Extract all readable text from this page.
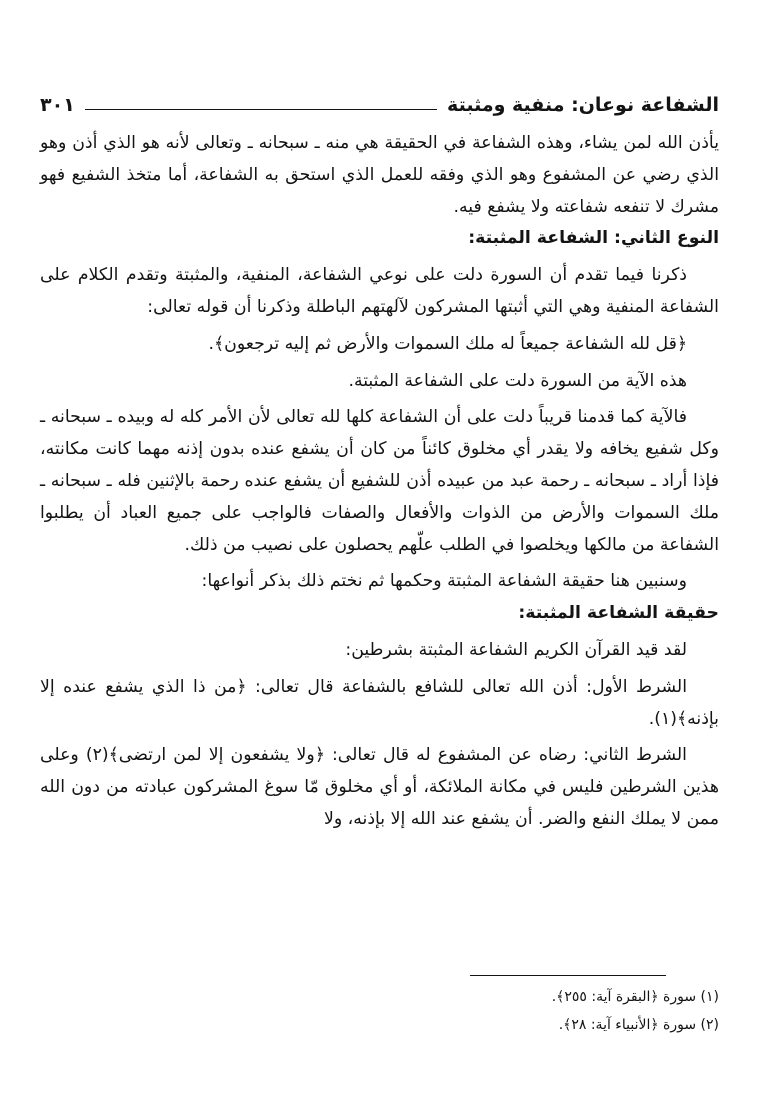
الشفاعة نوعان: منفية ومثبتة
٣٠١

يأذن الله لمن يشاء، وهذه الشفاعة في الحقيقة هي منه ـ سبحانه ـ وتعالى لأنه هو الذي أذن وهو الذي رضي عن المشفوع وهو الذي وفقه للعمل الذي استحق به الشفاعة، أما متخذ الشفيع فهو مشرك لا تنفعه شفاعته ولا يشفع فيه.

النوع الثاني: الشفاعة المثبتة:

ذكرنا فيما تقدم أن السورة دلت على نوعي الشفاعة، المنفية، والمثبتة وتقدم الكلام على الشفاعة المنفية وهي التي أثبتها المشركون لآلهتهم الباطلة وذكرنا أن قوله تعالى:

﴿قل لله الشفاعة جميعاً له ملك السموات والأرض ثم إليه ترجعون﴾.

هذه الآية من السورة دلت على الشفاعة المثبتة.

فالآية كما قدمنا قريباً دلت على أن الشفاعة كلها لله تعالى لأن الأمر كله له وبيده ـ سبحانه ـ وكل شفيع يخافه ولا يقدر أي مخلوق كائناً من كان أن يشفع عنده بدون إذنه مهما كانت مكانته، فإذا أراد ـ سبحانه ـ رحمة عبد من عبيده أذن للشفيع أن يشفع عنده رحمة بالإثنين فله ـ سبحانه ـ ملك السموات والأرض من الذوات والأفعال والصفات فالواجب على جميع العباد أن يطلبوا الشفاعة من مالكها ويخلصوا في الطلب علّهم يحصلون على نصيب من ذلك.

وسنبين هنا حقيقة الشفاعة المثبتة وحكمها ثم نختم ذلك بذكر أنواعها:

حقيقة الشفاعة المثبتة:

لقد قيد القرآن الكريم الشفاعة المثبتة بشرطين:

الشرط الأول: أذن الله تعالى للشافع بالشفاعة قال تعالى: ﴿من ذا الذي يشفع عنده إلا بإذنه﴾(١).

الشرط الثاني: رضاه عن المشفوع له قال تعالى: ﴿ولا يشفعون إلا لمن ارتضى﴾(٢) وعلى هذين الشرطين فليس في مكانة الملائكة، أو أي مخلوق مّا سوغ المشركون عبادته من دون الله ممن لا يملك النفع والضر. أن يشفع عند الله إلا بإذنه، ولا

(١) سورة ﴿البقرة آية: ٢٥٥﴾.
(٢) سورة ﴿الأنبياء آية: ٢٨﴾.
